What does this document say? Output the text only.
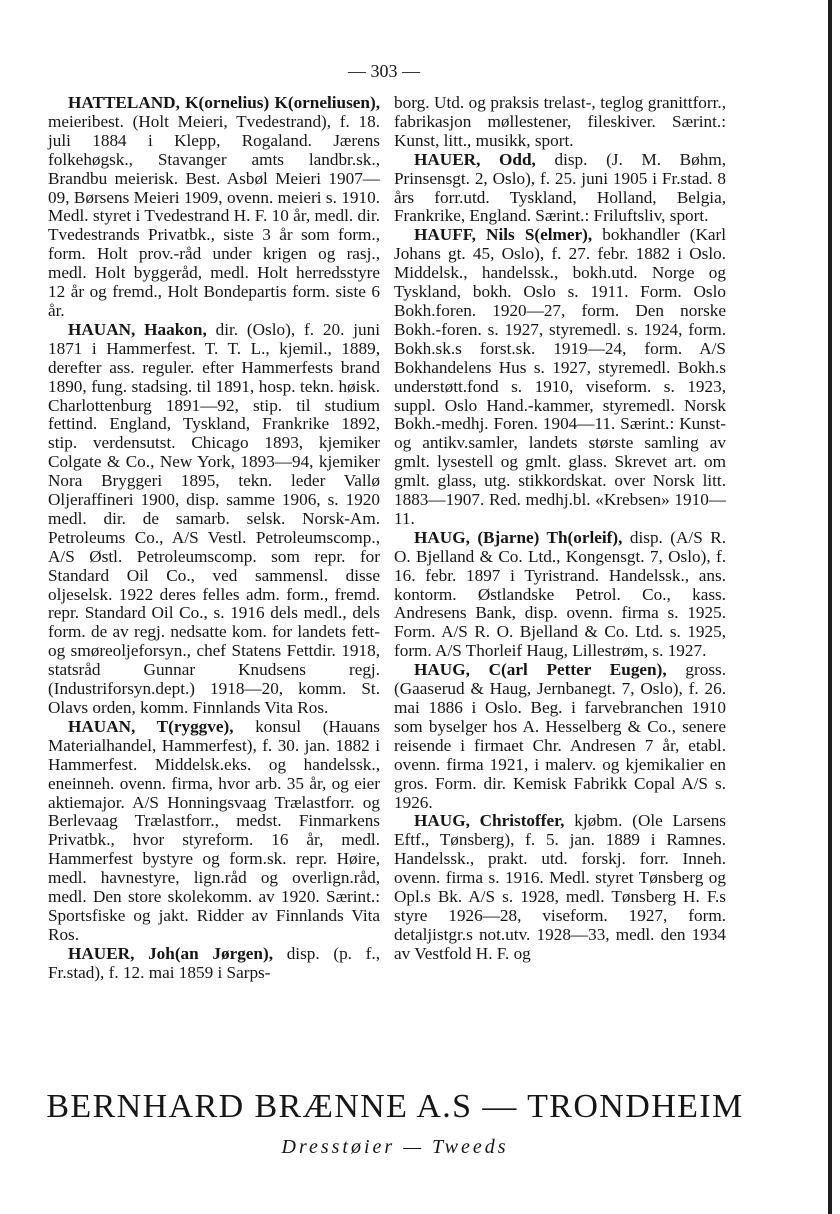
— 303 —

HATTELAND, K(ornelius) K(orneliusen), meieribest. (Holt Meieri, Tvedestrand), f. 18. juli 1884 i Klepp, Rogaland. Jærens folkehøgsk., Stavanger amts landbr.sk., Brandbu meierisk. Best. Asbøl Meieri 1907—09, Børsens Meieri 1909, ovenn. meieri s. 1910. Medl. styret i Tvedestrand H. F. 10 år, medl. dir. Tvedestrands Privatbk., siste 3 år som form., form. Holt prov.-råd under krigen og rasj., medl. Holt byggeråd, medl. Holt herredsstyre 12 år og fremd., Holt Bondepartis form. siste 6 år.

HAUAN, Haakon, dir. (Oslo), f. 20. juni 1871 i Hammerfest. T. T. L., kjemil., 1889, derefter ass. reguler. efter Hammerfests brand 1890, fung. stadsing. til 1891, hosp. tekn. høisk. Charlottenburg 1891—92, stip. til studium fettind. England, Tyskland, Frankrike 1892, stip. verdensutst. Chicago 1893, kjemiker Colgate & Co., New York, 1893—94, kjemiker Nora Bryggeri 1895, tekn. leder Vallø Oljeraffineri 1900, disp. samme 1906, s. 1920 medl. dir. de samarb. selsk. Norsk-Am. Petroleums Co., A/S Vestl. Petroleumscomp., A/S Østl. Petroleumscomp. som repr. for Standard Oil Co., ved sammensl. disse oljeselsk. 1922 deres felles adm. form., fremd. repr. Standard Oil Co., s. 1916 dels medl., dels form. de av regj. nedsatte kom. for landets fett- og smøreoljeforsyn., chef Statens Fettdir. 1918, statsråd Gunnar Knudsens regj. (Industriforsyn.dept.) 1918—20, komm. St. Olavs orden, komm. Finnlands Vita Ros.

HAUAN, T(ryggve), konsul (Hauans Materialhandel, Hammerfest), f. 30. jan. 1882 i Hammerfest. Middelsk.eks. og handelssk., eneinneh. ovenn. firma, hvor arb. 35 år, og eier aktiemajor. A/S Honningsvaag Trælastforr. og Berlevaag Trælastforr., medst. Finmarkens Privatbk., hvor styreform. 16 år, medl. Hammerfest bystyre og form.sk. repr. Høire, medl. havnestyre, lign.råd og overlign.råd, medl. Den store skolekomm. av 1920. Særint.: Sportsfiske og jakt. Ridder av Finnlands Vita Ros.

HAUER, Joh(an Jørgen), disp. (p. f., Fr.stad), f. 12. mai 1859 i Sarps-

borg. Utd. og praksis trelast-, teglog granittforr., fabrikasjon møllestener, fileskiver. Særint.: Kunst, litt., musikk, sport.

HAUER, Odd, disp. (J. M. Bøhm, Prinsensgt. 2, Oslo), f. 25. juni 1905 i Fr.stad. 8 års forr.utd. Tyskland, Holland, Belgia, Frankrike, England. Særint.: Friluftsliv, sport.

HAUFF, Nils S(elmer), bokhandler (Karl Johans gt. 45, Oslo), f. 27. febr. 1882 i Oslo. Middelsk., handelssk., bokh.utd. Norge og Tyskland, bokh. Oslo s. 1911. Form. Oslo Bokh.foren. 1920—27, form. Den norske Bokh.-foren. s. 1927, styremedl. s. 1924, form. Bokh.sk.s forst.sk. 1919—24, form. A/S Bokhandelens Hus s. 1927, styremedl. Bokh.s understøtt.fond s. 1910, viseform. s. 1923, suppl. Oslo Hand.-kammer, styremedl. Norsk Bokh.-medhj. Foren. 1904—11. Særint.: Kunst- og antikv.samler, landets største samling av gmlt. lysestell og gmlt. glass. Skrevet art. om gmlt. glass, utg. stikkordskat. over Norsk litt. 1883—1907. Red. medhj.bl. «Krebsen» 1910—11.

HAUG, (Bjarne) Th(orleif), disp. (A/S R. O. Bjelland & Co. Ltd., Kongensgt. 7, Oslo), f. 16. febr. 1897 i Tyristrand. Handelssk., ans. kontorm. Østlandske Petrol. Co., kass. Andresens Bank, disp. ovenn. firma s. 1925. Form. A/S R. O. Bjelland & Co. Ltd. s. 1925, form. A/S Thorleif Haug, Lillestrøm, s. 1927.

HAUG, C(arl Petter Eugen), gross. (Gaaserud & Haug, Jernbanegt. 7, Oslo), f. 26. mai 1886 i Oslo. Beg. i farvebranchen 1910 som byselger hos A. Hesselberg & Co., senere reisende i firmaet Chr. Andresen 7 år, etabl. ovenn. firma 1921, i malerv. og kjemikalier en gros. Form. dir. Kemisk Fabrikk Copal A/S s. 1926.

HAUG, Christoffer, kjøbm. (Ole Larsens Eftf., Tønsberg), f. 5. jan. 1889 i Ramnes. Handelssk., prakt. utd. forskj. forr. Inneh. ovenn. firma s. 1916. Medl. styret Tønsberg og Opl.s Bk. A/S s. 1928, medl. Tønsberg H. F.s styre 1926—28, viseform. 1927, form. detaljistgr.s not.utv. 1928—33, medl. den 1934 av Vestfold H. F. og

BERNHARD BRÆNNE A.S — TRONDHEIM
Dresstøier — Tweeds
